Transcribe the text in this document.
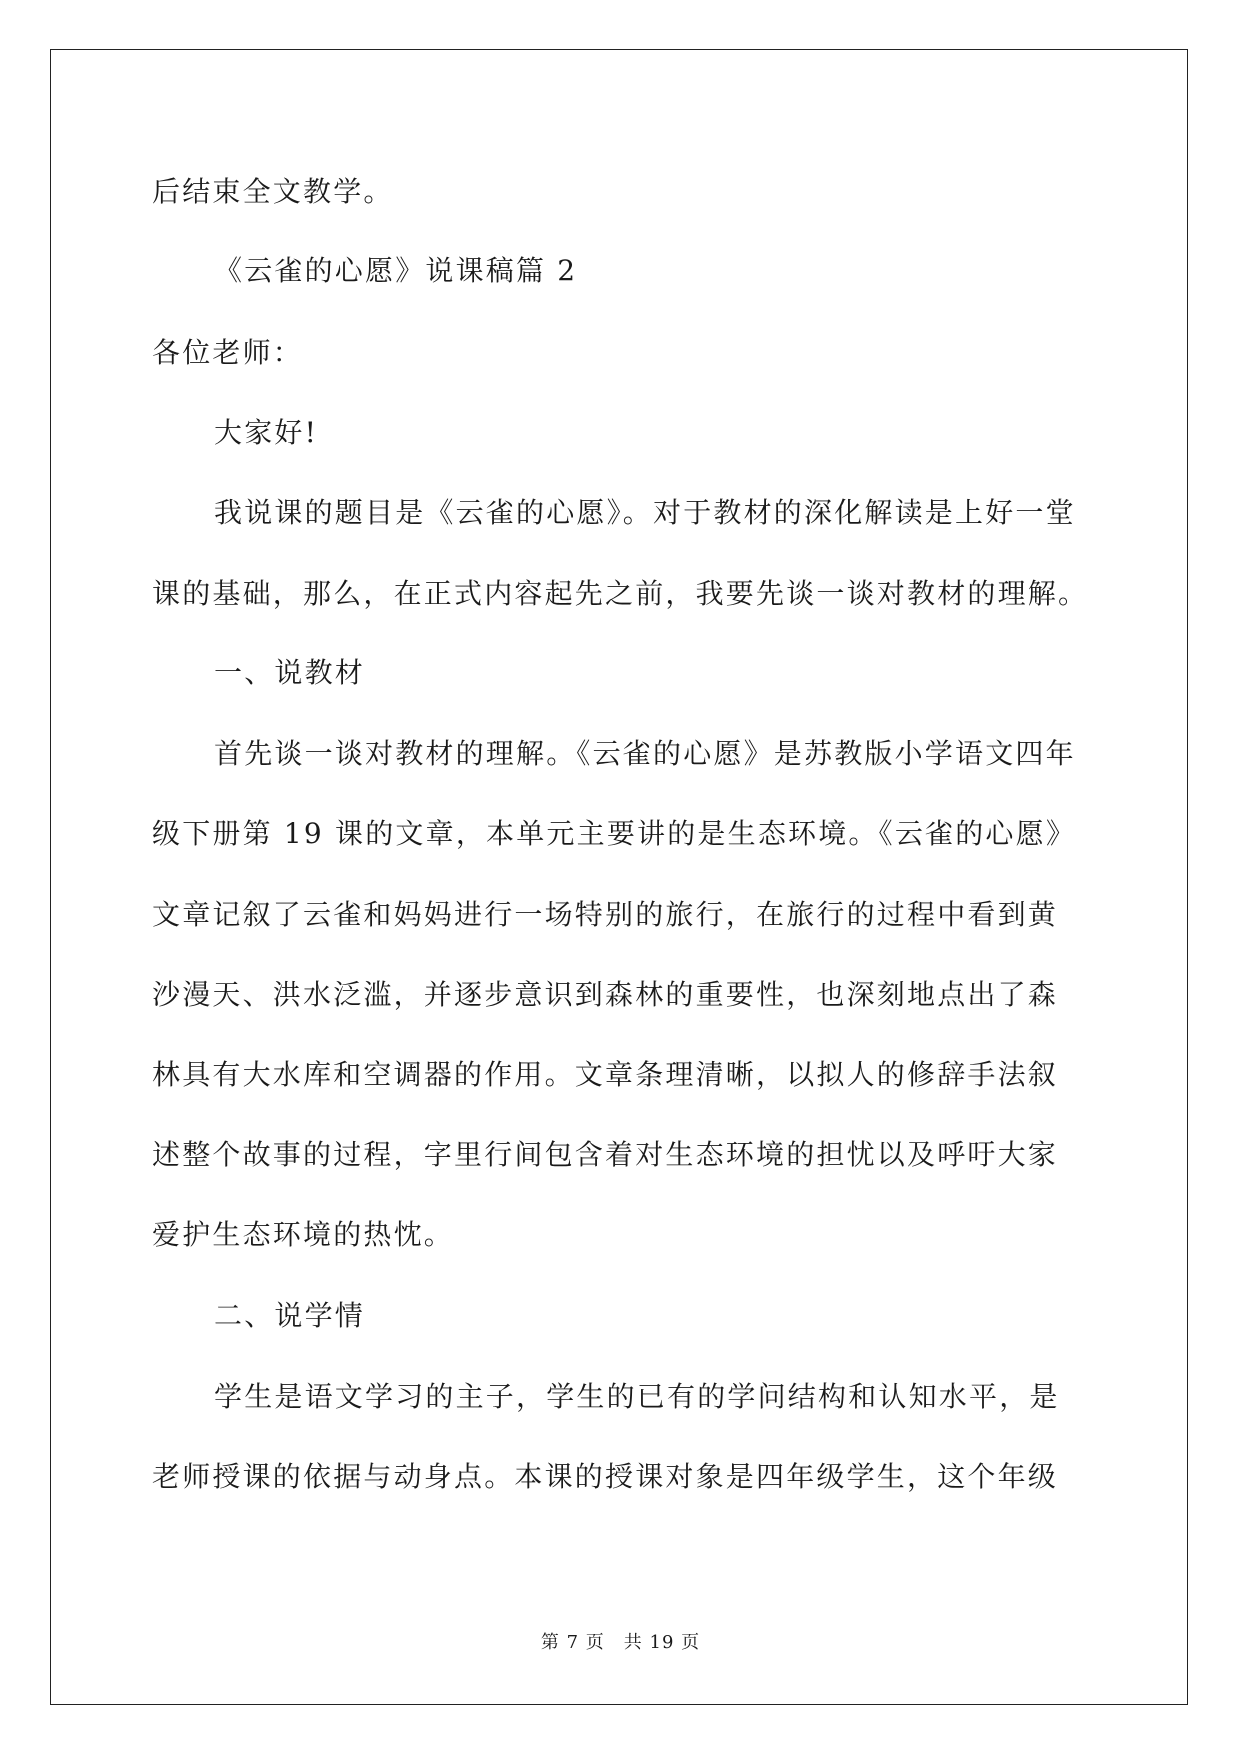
后结束全文教学。
《云雀的心愿》说课稿篇 2
各位老师：
大家好!
我说课的题目是《云雀的心愿》。对于教材的深化解读是上好一堂
课的基础，那么，在正式内容起先之前，我要先谈一谈对教材的理解。
一、说教材
首先谈一谈对教材的理解。《云雀的心愿》是苏教版小学语文四年
级下册第 19 课的文章，本单元主要讲的是生态环境。《云雀的心愿》
文章记叙了云雀和妈妈进行一场特别的旅行，在旅行的过程中看到黄
沙漫天、洪水泛滥，并逐步意识到森林的重要性，也深刻地点出了森
林具有大水库和空调器的作用。文章条理清晰，以拟人的修辞手法叙
述整个故事的过程，字里行间包含着对生态环境的担忧以及呼吁大家
爱护生态环境的热忱。
二、说学情
学生是语文学习的主子，学生的已有的学问结构和认知水平，是
老师授课的依据与动身点。本课的授课对象是四年级学生，这个年级
第 7 页　共 19 页
